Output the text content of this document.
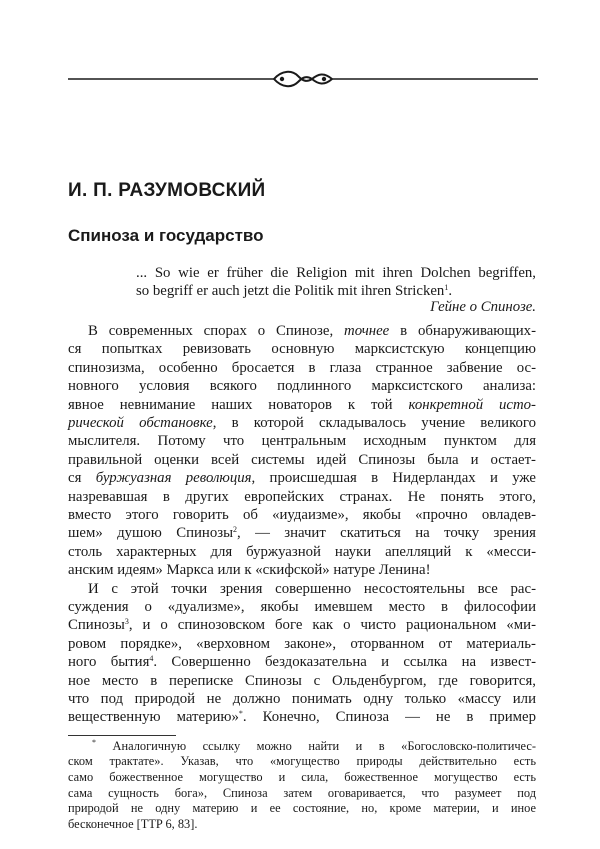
И. П. РАЗУМОВСКИЙ
Спиноза и государство
... So wie er früher die Religion mit ihren Dolchen begriffen,
so begriff er auch jetzt die Politik mit ihren Stricken$^1$.
Гейне о Спинозе.
В современных спорах о Спинозе, точнее в обнаруживающих-
ся попытках ревизовать основную марксистскую концепцию
спинозизма, особенно бросается в глаза странное забвение ос-
новного условия всякого подлинного марксистского анализа:
явное невнимание наших новаторов к той конкретной истo-
рической обстановке, в которой складывалось учение великого
мыслителя. Потому что центральным исходным пунктом для
правильной оценки всей системы идей Спинозы была и остает-
ся буржуазная революция, происшедшая в Нидерландах и уже
назревавшая в других европейских странах. Не понять этого,
вместо этого говорить об «иудаизме», якобы «прочно овладев-
шем» душою Спинозы$^2$, — значит скатиться на точку зрения
столь характерных для буржуазной науки апелляций к «месси-
анским идеям» Маркса или к «скифской» натуре Ленина!
И с этой точки зрения совершенно несостоятельны все рас-
суждения о «дуализме», якобы имевшем место в философии
Спинозы$^3$, и о спинозовском боге как о чисто рациональном «ми-
ровом порядке», «верховном законе», оторванном от материаль-
ного бытия$^4$. Совершенно бездоказательна и ссылка на извест-
ное место в переписке Спинозы с Ольденбургом, где говорится,
что под природой не должно понимать одну только «массу или
вещественную материю»*. Конечно, Спиноза — не в пример
* Аналогичную ссылку можно найти и в «Богословско-политичес-
ском трактате». Указав, что «могущество природы действительно есть
само божественное могущество и сила, божественное могущество есть
сама сущность бога», Спиноза затем оговаривается, что разумеет под
природой не одну материю и ее состояние, но, кроме материи, и иное
бесконечное [TTP 6, 83].
